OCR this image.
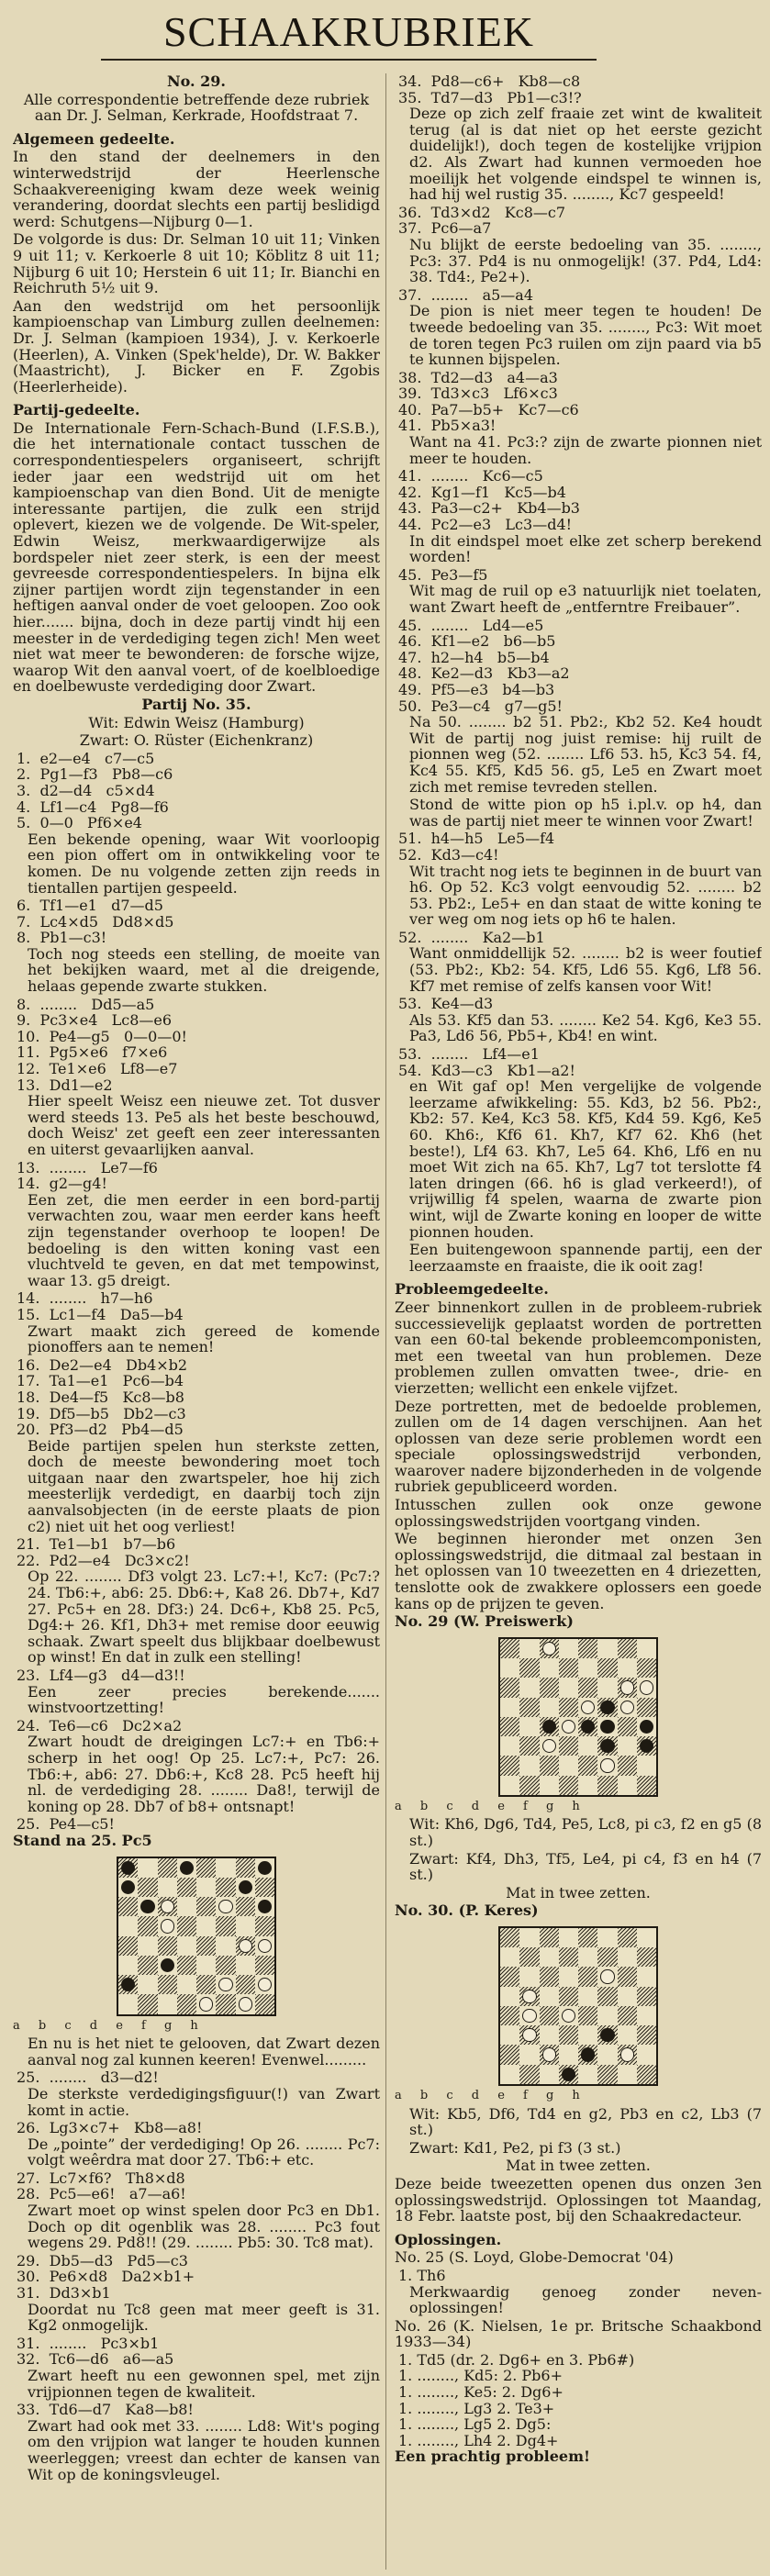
SCHAAKRUBRIEK

No. 29.

Alle correspondentie betreffende deze rubriek aan Dr. J. Selman, Kerkrade, Hoofdstraat 7.

Algemeen gedeelte.

In den stand der deelnemers in den winterwedstrijd der Heerlensche Schaakvereeniging kwam deze week weinig verandering, doordat slechts een partij beslidigd werd: Schutgens—Nijburg 0—1.

De volgorde is dus: Dr. Selman 10 uit 11; Vinken 9 uit 11; v. Kerkoerle 8 uit 10; Köblitz 8 uit 11; Nijburg 6 uit 10; Herstein 6 uit 11; Ir. Bianchi en Reichruth 5½ uit 9.

Aan den wedstrijd om het persoonlijk kampioenschap van Limburg zullen deelnemen: Dr. J. Selman (kampioen 1934), J. v. Kerkoerle (Heerlen), A. Vinken (Spek'helde), Dr. W. Bakker (Maastricht), J. Bicker en F. Zgobis (Heerlerheide).

Partij-gedeelte.

De Internationale Fern-Schach-Bund (I.F.S.B.), die het internationale contact tusschen de correspondentiespelers organiseert, schrijft ieder jaar een wedstrijd uit om het kampioenschap van dien Bond. Uit de menigte interessante partijen, die zulk een strijd oplevert, kiezen we de volgende. De Wit-speler, Edwin Weisz, merkwaardigerwijze als bordspeler niet zeer sterk, is een der meest gevreesde correspondentiespelers. In bijna elk zijner partijen wordt zijn tegenstander in een heftigen aanval onder de voet geloopen. Zoo ook hier....... bijna, doch in deze partij vindt hij een meester in de verdediging tegen zich! Men weet niet wat meer te bewonderen: de forsche wijze, waarop Wit den aanval voert, of de koelbloedige en doelbewuste verdediging door Zwart.

Partij No. 35.

Wit: Edwin Weisz (Hamburg)

Zwart: O. Rüster (Eichenkranz)

1.  e2—e4   c7—c5

2.  Pg1—f3   Pb8—c6

3.  d2—d4   c5×d4

4.  Lf1—c4   Pg8—f6

5.  0—0   Pf6×e4

Een bekende opening, waar Wit voorloopig een pion offert om in ontwikkeling voor te komen. De nu volgende zetten zijn reeds in tientallen partijen gespeeld.

6.  Tf1—e1   d7—d5

7.  Lc4×d5   Dd8×d5

8.  Pb1—c3!

Toch nog steeds een stelling, de moeite van het bekijken waard, met al die dreigende, helaas gepende zwarte stukken.

8.  ........   Dd5—a5

9.  Pc3×e4   Lc8—e6

10.  Pe4—g5   0—0—0!

11.  Pg5×e6   f7×e6

12.  Te1×e6   Lf8—e7

13.  Dd1—e2

Hier speelt Weisz een nieuwe zet. Tot dusver werd steeds 13. Pe5 als het beste beschouwd, doch Weisz' zet geeft een zeer interessanten en uiterst gevaarlijken aanval.

13.  ........   Le7—f6

14.  g2—g4!

Een zet, die men eerder in een bord-partij verwachten zou, waar men eerder kans heeft zijn tegenstander overhoop te loopen! De bedoeling is den witten koning vast een vluchtveld te geven, en dat met tempowinst, waar 13. g5 dreigt.

14.  ........   h7—h6

15.  Lc1—f4   Da5—b4

Zwart maakt zich gereed de komende pionoffers aan te nemen!

16.  De2—e4   Db4×b2

17.  Ta1—e1   Pc6—b4

18.  De4—f5   Kc8—b8

19.  Df5—b5   Db2—c3

20.  Pf3—d2   Pb4—d5

Beide partijen spelen hun sterkste zetten, doch de meeste bewondering moet toch uitgaan naar den zwartspeler, hoe hij zich meesterlijk verdedigt, en daarbij toch zijn aanvalsobjecten (in de eerste plaats de pion c2) niet uit het oog verliest!

21.  Te1—b1   b7—b6

22.  Pd2—e4   Dc3×c2!

Op 22. ........ Df3 volgt 23. Lc7:+!, Kc7: (Pc7:? 24. Tb6:+, ab6: 25. Db6:+, Ka8 26. Db7+, Kd7 27. Pc5+ en 28. Df3:) 24. Dc6+, Kb8 25. Pc5, Dg4:+ 26. Kf1, Dh3+ met remise door eeuwig schaak. Zwart speelt dus blijkbaar doelbewust op winst! En dat in zulk een stelling!

23.  Lf4—g3   d4—d3!!

Een zeer precies berekende....... winstvoortzetting!

24.  Te6—c6   Dc2×a2

Zwart houdt de dreigingen Lc7:+ en Tb6:+ scherp in het oog! Op 25. Lc7:+, Pc7: 26. Tb6:+, ab6: 27. Db6:+, Kc8 28. Pc5 heeft hij nl. de verdediging 28. ........ Da8!, terwijl de koning op 28. Db7 of b8+ ontsnapt!

25.  Pe4—c5!

Stand na 25. Pc5

a b c d e f g h

En nu is het niet te gelooven, dat Zwart dezen aanval nog zal kunnen keeren! Evenwel.........

25.  ........   d3—d2!

De sterkste verdedigingsfiguur(!) van Zwart komt in actie.

26.  Lg3×c7+   Kb8—a8!

De „pointe” der verdediging! Op 26. ........ Pc7: volgt weêrdra mat door 27. Tb6:+ etc.

27.  Lc7×f6?   Th8×d8

28.  Pc5—e6!   a7—a6!

Zwart moet op winst spelen door Pc3 en Db1. Doch op dit ogenblik was 28. ........ Pc3 fout wegens 29. Pd8!! (29. ........ Pb5: 30. Tc8 mat).

29.  Db5—d3   Pd5—c3

30.  Pe6×d8   Da2×b1+

31.  Dd3×b1

Doordat nu Tc8 geen mat meer geeft is 31. Kg2 onmogelijk.

31.  ........   Pc3×b1

32.  Tc6—d6   a6—a5

Zwart heeft nu een gewonnen spel, met zijn vrijpionnen tegen de kwaliteit.

33.  Td6—d7   Ka8—b8!

Zwart had ook met 33. ........ Ld8: Wit's poging om den vrijpion wat langer te houden kunnen weerleggen; vreest dan echter de kansen van Wit op de koningsvleugel.

34.  Pd8—c6+   Kb8—c8

35.  Td7—d3   Pb1—c3!?

Deze op zich zelf fraaie zet wint de kwaliteit terug (al is dat niet op het eerste gezicht duidelijk!), doch tegen de kostelijke vrijpion d2. Als Zwart had kunnen vermoeden hoe moeilijk het volgende eindspel te winnen is, had hij wel rustig 35. ........, Kc7 gespeeld!

36.  Td3×d2   Kc8—c7

37.  Pc6—a7

Nu blijkt de eerste bedoeling van 35. ........, Pc3: 37. Pd4 is nu onmogelijk! (37. Pd4, Ld4: 38. Td4:, Pe2+).

37.  ........   a5—a4

De pion is niet meer tegen te houden! De tweede bedoeling van 35. ........, Pc3: Wit moet de toren tegen Pc3 ruilen om zijn paard via b5 te kunnen bijspelen.

38.  Td2—d3   a4—a3

39.  Td3×c3   Lf6×c3

40.  Pa7—b5+   Kc7—c6

41.  Pb5×a3!

Want na 41. Pc3:? zijn de zwarte pionnen niet meer te houden.

41.  ........   Kc6—c5

42.  Kg1—f1   Kc5—b4

43.  Pa3—c2+   Kb4—b3

44.  Pc2—e3   Lc3—d4!

In dit eindspel moet elke zet scherp berekend worden!

45.  Pe3—f5

Wit mag de ruil op e3 natuurlijk niet toelaten, want Zwart heeft de „entferntre Freibauer”.

45.  ........   Ld4—e5

46.  Kf1—e2   b6—b5

47.  h2—h4   b5—b4

48.  Ke2—d3   Kb3—a2

49.  Pf5—e3   b4—b3

50.  Pe3—c4   g7—g5!

Na 50. ........ b2 51. Pb2:, Kb2 52. Ke4 houdt Wit de partij nog juist remise: hij ruilt de pionnen weg (52. ........ Lf6 53. h5, Kc3 54. f4, Kc4 55. Kf5, Kd5 56. g5, Le5 en Zwart moet zich met remise tevreden stellen.

Stond de witte pion op h5 i.pl.v. op h4, dan was de partij niet meer te winnen voor Zwart!

51.  h4—h5   Le5—f4

52.  Kd3—c4!

Wit tracht nog iets te beginnen in de buurt van h6. Op 52. Kc3 volgt eenvoudig 52. ........ b2 53. Pb2:, Le5+ en dan staat de witte koning te ver weg om nog iets op h6 te halen.

52.  ........   Ka2—b1

Want onmiddellijk 52. ........ b2 is weer foutief (53. Pb2:, Kb2: 54. Kf5, Ld6 55. Kg6, Lf8 56. Kf7 met remise of zelfs kansen voor Wit!

53.  Ke4—d3

Als 53. Kf5 dan 53. ........ Ke2 54. Kg6, Ke3 55. Pa3, Ld6 56, Pb5+, Kb4! en wint.

53.  ........   Lf4—e1

54.  Kd3—c3   Kb1—a2!

en Wit gaf op! Men vergelijke de volgende leerzame afwikkeling: 55. Kd3, b2 56. Pb2:, Kb2: 57. Ke4, Kc3 58. Kf5, Kd4 59. Kg6, Ke5 60. Kh6:, Kf6 61. Kh7, Kf7 62. Kh6 (het beste!), Lf4 63. Kh7, Le5 64. Kh6, Lf6 en nu moet Wit zich na 65. Kh7, Lg7 tot terslotte f4 laten dringen (66. h6 is glad verkeerd!), of vrijwillig f4 spelen, waarna de zwarte pion wint, wijl de Zwarte koning en looper de witte pionnen houden.

Een buitengewoon spannende partij, een der leerzaamste en fraaiste, die ik ooit zag!

Probleemgedeelte.

Zeer binnenkort zullen in de probleem-rubriek successievelijk geplaatst worden de portretten van een 60-tal bekende probleemcomponisten, met een tweetal van hun problemen. Deze problemen zullen omvatten twee-, drie- en vierzetten; wellicht een enkele vijfzet.

Deze portretten, met de bedoelde problemen, zullen om de 14 dagen verschijnen. Aan het oplossen van deze serie problemen wordt een speciale oplossingswedstrijd verbonden, waarover nadere bijzonderheden in de volgende rubriek gepubliceerd worden.

Intusschen zullen ook onze gewone oplossingswedstrijden voortgang vinden.

We beginnen hieronder met onzen 3en oplossingswedstrijd, die ditmaal zal bestaan in het oplossen van 10 tweezetten en 4 driezetten, tenslotte ook de zwakkere oplossers een goede kans op de prijzen te geven.

No. 29 (W. Preiswerk)

a b c d e f g h

Wit: Kh6, Dg6, Td4, Pe5, Lc8, pi c3, f2 en g5 (8 st.)

Zwart: Kf4, Dh3, Tf5, Le4, pi c4, f3 en h4 (7 st.)

Mat in twee zetten.

No. 30. (P. Keres)

a b c d e f g h

Wit: Kb5, Df6, Td4 en g2, Pb3 en c2, Lb3 (7 st.)

Zwart: Kd1, Pe2, pi f3 (3 st.)

Mat in twee zetten.

Deze beide tweezetten openen dus onzen 3en oplossingswedstrijd. Oplossingen tot Maandag, 18 Febr. laatste post, bij den Schaakredacteur.

Oplossingen.

No. 25 (S. Loyd, Globe-Democrat '04)

1. Th6

Merkwaardig genoeg zonder neven-oplossingen!

No. 26 (K. Nielsen, 1e pr. Britsche Schaakbond 1933—34)

1. Td5 (dr. 2. Dg6+ en 3. Pb6#)

1. ........, Kd5: 2. Pb6+

1. ........, Ke5: 2. Dg6+

1. ........, Lg3 2. Te3+

1. ........, Lg5 2. Dg5:

1. ........, Lh4 2. Dg4+

Een prachtig probleem!
